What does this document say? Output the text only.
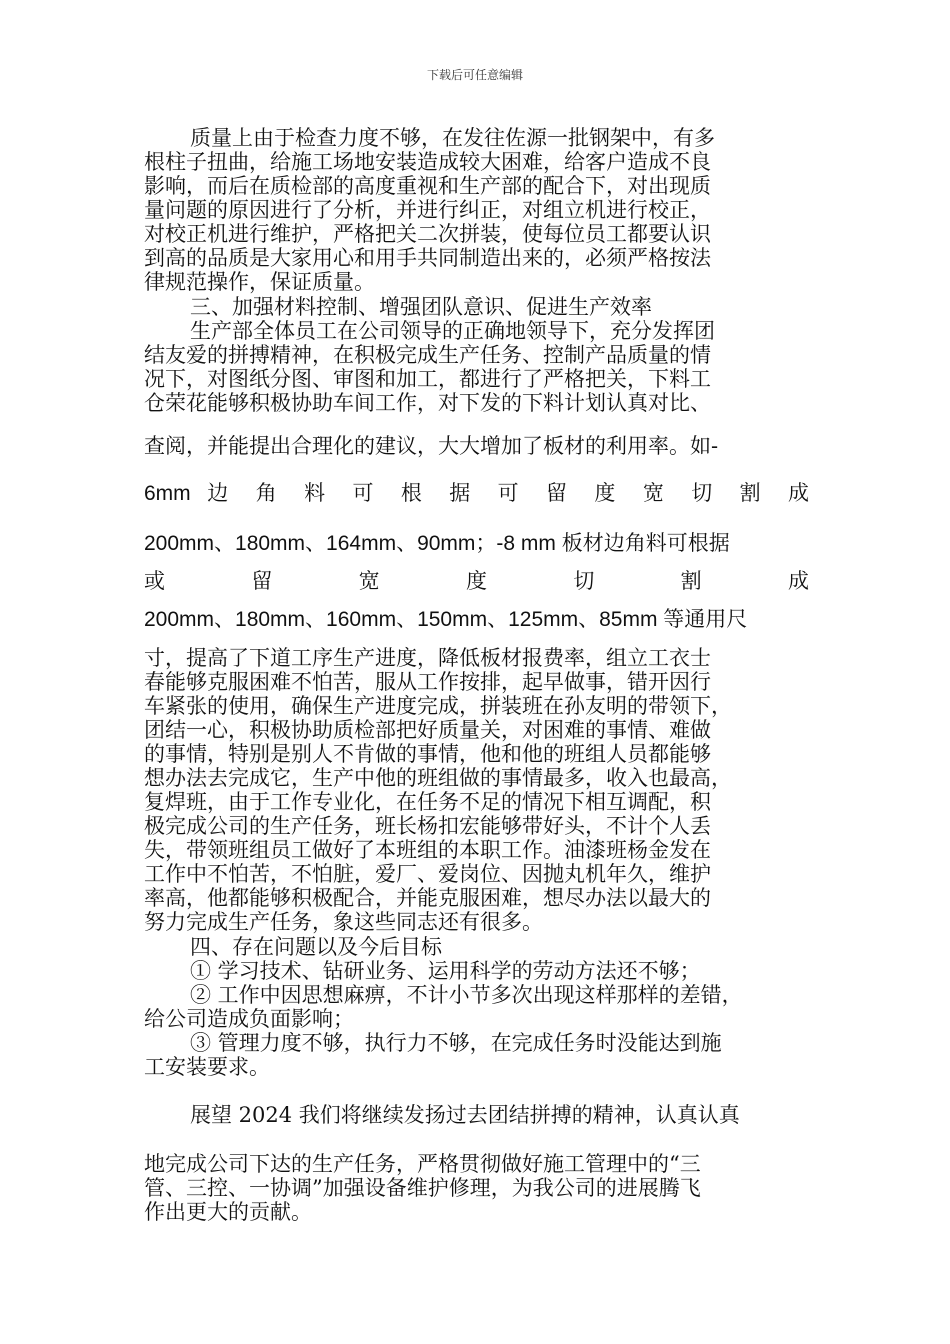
下载后可任意编辑

质量上由于检查力度不够，在发往佐源一批钢架中，有多

根柱子扭曲，给施工场地安装造成较大困难，给客户造成不良

影响，而后在质检部的高度重视和生产部的配合下，对出现质

量问题的原因进行了分析，并进行纠正，对组立机进行校正，

对校正机进行维护，严格把关二次拼装，使每位员工都要认识

到高的品质是大家用心和用手共同制造出来的，必须严格按法

律规范操作，保证质量。

三、加强材料控制、增强团队意识、促进生产效率

生产部全体员工在公司领导的正确地领导下，充分发挥团

结友爱的拼搏精神，在积极完成生产任务、控制产品质量的情

况下，对图纸分图、审图和加工，都进行了严格把关，下料工

仓荣花能够积极协助车间工作，对下发的下料计划认真对比、

查阅，并能提出合理化的建议，大大增加了板材的利用率。如-

6mm 边 角 料 可 根 据 可 留 度 宽 切 割 成

200mm、180mm、164mm、90mm；-8 mm 板材边角料可根据

或 留 宽 度 切 割 成

200mm、180mm、160mm、150mm、125mm、85mm 等通用尺

寸，提高了下道工序生产进度，降低板材报费率，组立工衣士

春能够克服困难不怕苦，服从工作按排，起早做事，错开因行

车紧张的使用，确保生产进度完成，拼装班在孙友明的带领下，

团结一心，积极协助质检部把好质量关，对困难的事情、难做

的事情，特别是别人不肯做的事情，他和他的班组人员都能够

想办法去完成它，生产中他的班组做的事情最多，收入也最高，

复焊班，由于工作专业化，在任务不足的情况下相互调配，积

极完成公司的生产任务，班长杨扣宏能够带好头，不计个人丢

失，带领班组员工做好了本班组的本职工作。油漆班杨金发在

工作中不怕苦，不怕脏，爱厂、爱岗位、因抛丸机年久，维护

率高，他都能够积极配合，并能克服困难，想尽办法以最大的

努力完成生产任务，象这些同志还有很多。

四、存在问题以及今后目标

① 学习技术、钻研业务、运用科学的劳动方法还不够；

② 工作中因思想麻痹，不计小节多次出现这样那样的差错，

给公司造成负面影响；

③ 管理力度不够，执行力不够，在完成任务时没能达到施

工安装要求。

展望 2024 我们将继续发扬过去团结拼搏的精神，认真认真

地完成公司下达的生产任务，严格贯彻做好施工管理中的“三

管、三控、一协调”加强设备维护修理，为我公司的进展腾飞

作出更大的贡献。
